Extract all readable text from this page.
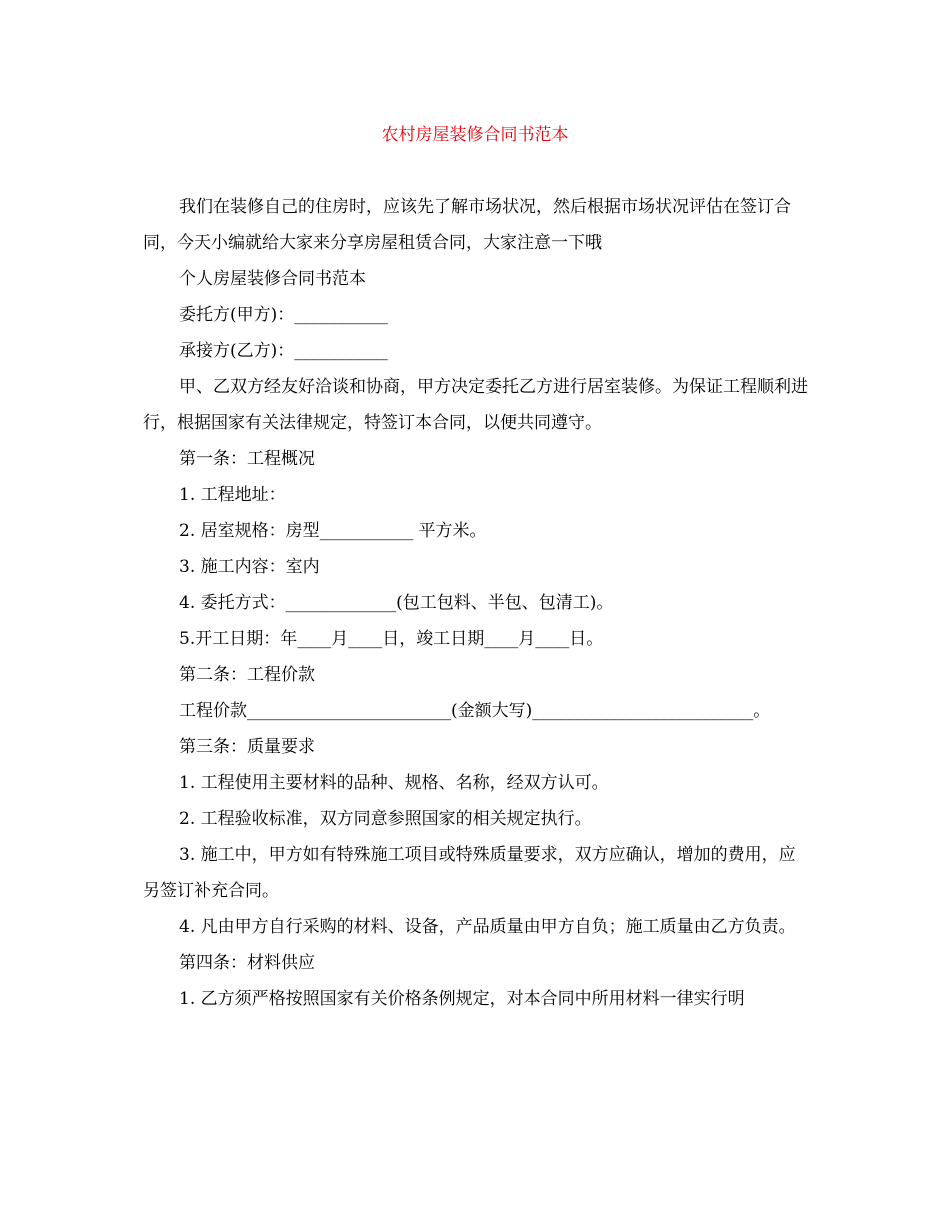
农村房屋装修合同书范本

我们在装修自己的住房时，应该先了解市场状况，然后根据市场状况评估在签订合同，今天小编就给大家来分享房屋租赁合同，大家注意一下哦

个人房屋装修合同书范本

委托方(甲方)：___________

承接方(乙方)：___________

甲、乙双方经友好洽谈和协商，甲方决定委托乙方进行居室装修。为保证工程顺利进行，根据国家有关法律规定，特签订本合同，以便共同遵守。

第一条：工程概况

1. 工程地址：

2. 居室规格：房型___________ 平方米。

3. 施工内容：室内

4. 委托方式：_____________(包工包料、半包、包清工)。

5.开工日期：年____月____日，竣工日期____月____日。

第二条：工程价款

工程价款________________________(金额大写)__________________________。

第三条：质量要求

1. 工程使用主要材料的品种、规格、名称，经双方认可。

2. 工程验收标准，双方同意参照国家的相关规定执行。

3. 施工中，甲方如有特殊施工项目或特殊质量要求，双方应确认，增加的费用，应另签订补充合同。

4. 凡由甲方自行采购的材料、设备，产品质量由甲方自负；施工质量由乙方负责。

第四条：材料供应

1. 乙方须严格按照国家有关价格条例规定，对本合同中所用材料一律实行明
